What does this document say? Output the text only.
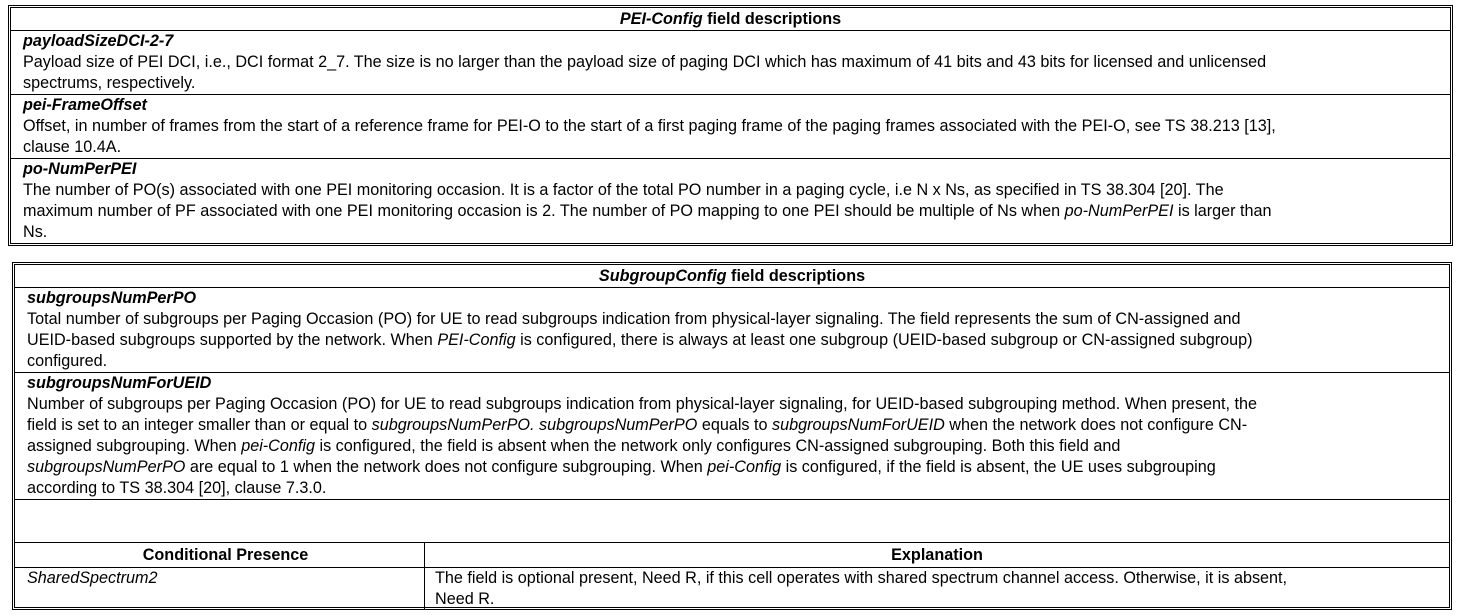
PEI-Config field descriptions
payloadSizeDCI-2-7
Payload size of PEI DCI, i.e., DCI format 2_7. The size is no larger than the payload size of paging DCI which has maximum of 41 bits and 43 bits for licensed and unlicensed
spectrums, respectively.
pei-FrameOffset
Offset, in number of frames from the start of a reference frame for PEI-O to the start of a first paging frame of the paging frames associated with the PEI-O, see TS 38.213 [13],
clause 10.4A.
po-NumPerPEI
The number of PO(s) associated with one PEI monitoring occasion. It is a factor of the total PO number in a paging cycle, i.e N x Ns, as specified in TS 38.304 [20]. The
maximum number of PF associated with one PEI monitoring occasion is 2. The number of PO mapping to one PEI should be multiple of Ns when po-NumPerPEI is larger than
Ns.
SubgroupConfig field descriptions
subgroupsNumPerPO
Total number of subgroups per Paging Occasion (PO) for UE to read subgroups indication from physical-layer signaling. The field represents the sum of CN-assigned and
UEID-based subgroups supported by the network. When PEI-Config is configured, there is always at least one subgroup (UEID-based subgroup or CN-assigned subgroup)
configured.
subgroupsNumForUEID
Number of subgroups per Paging Occasion (PO) for UE to read subgroups indication from physical-layer signaling, for UEID-based subgrouping method. When present, the
field is set to an integer smaller than or equal to subgroupsNumPerPO. subgroupsNumPerPO equals to subgroupsNumForUEID when the network does not configure CN-
assigned subgrouping. When pei-Config is configured, the field is absent when the network only configures CN-assigned subgrouping. Both this field and
subgroupsNumPerPO are equal to 1 when the network does not configure subgrouping. When pei-Config is configured, if the field is absent, the UE uses subgrouping
according to TS 38.304 [20], clause 7.3.0.
Conditional Presence	Explanation
SharedSpectrum2	The field is optional present, Need R, if this cell operates with shared spectrum channel access. Otherwise, it is absent,
Need R.
